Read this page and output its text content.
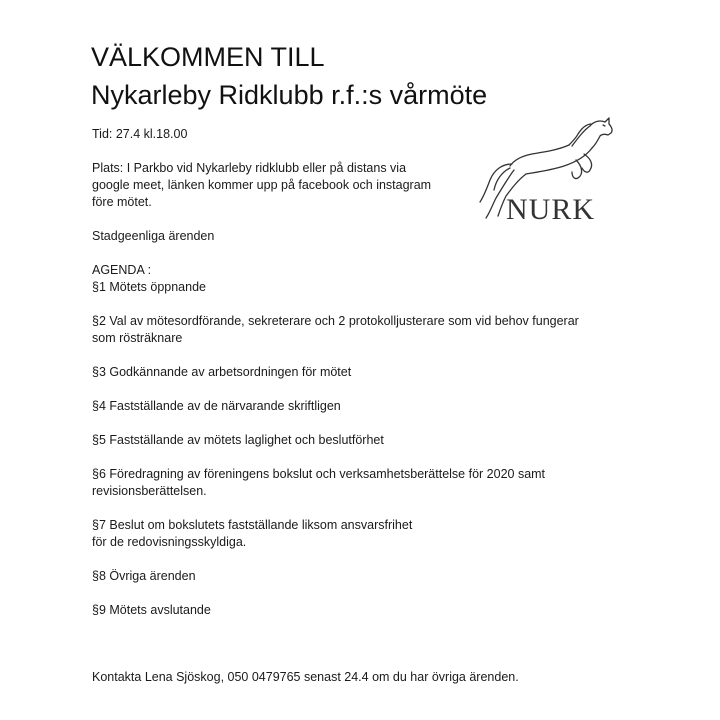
VÄLKOMMEN TILL
Nykarleby Ridklubb r.f.:s vårmöte
NURK

Tid: 27.4 kl.18.00

Plats: I Parkbo vid Nykarleby ridklubb eller på distans via
google meet, länken kommer upp på facebook och instagram
före mötet.

Stadgeenliga ärenden

AGENDA :

§1 Mötets öppnande

§2 Val av mötesordförande, sekreterare och 2 protokolljusterare som vid behov fungerar
som rösträknare

§3 Godkännande av arbetsordningen för mötet

§4 Fastställande av de närvarande skriftligen

§5 Fastställande av mötets laglighet och beslutförhet

§6 Föredragning av föreningens bokslut och verksamhetsberättelse för 2020 samt
revisionsberättelsen.

§7 Beslut om bokslutets fastställande liksom ansvarsfrihet
för de redovisningsskyldiga.

§8 Övriga ärenden

§9 Mötets avslutande

Kontakta Lena Sjöskog, 050 0479765 senast 24.4 om du har övriga ärenden.
